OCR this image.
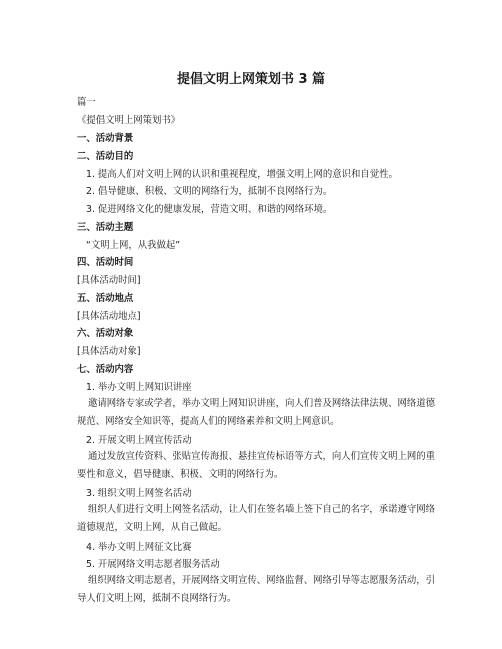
提倡文明上网策划书 3 篇
篇一
《提倡文明上网策划书》
一、活动背景
二、活动目的
1. 提高人们对文明上网的认识和重视程度，增强文明上网的意识和自觉性。
2. 倡导健康、积极、文明的网络行为，抵制不良网络行为。
3. 促进网络文化的健康发展，营造文明、和谐的网络环境。
三、活动主题
“文明上网，从我做起”
四、活动时间
[具体活动时间]
五、活动地点
[具体活动地点]
六、活动对象
[具体活动对象]
七、活动内容
1. 举办文明上网知识讲座
邀请网络专家或学者，举办文明上网知识讲座，向人们普及网络法律法规、网络道德规范、网络安全知识等，提高人们的网络素养和文明上网意识。
2. 开展文明上网宣传活动
通过发放宣传资料、张贴宣传海报、悬挂宣传标语等方式，向人们宣传文明上网的重要性和意义，倡导健康、积极、文明的网络行为。
3. 组织文明上网签名活动
组织人们进行文明上网签名活动，让人们在签名墙上签下自己的名字，承诺遵守网络道德规范，文明上网，从自己做起。
4. 举办文明上网征文比赛
5. 开展网络文明志愿者服务活动
组织网络文明志愿者，开展网络文明宣传、网络监督、网络引导等志愿服务活动，引导人们文明上网，抵制不良网络行为。
